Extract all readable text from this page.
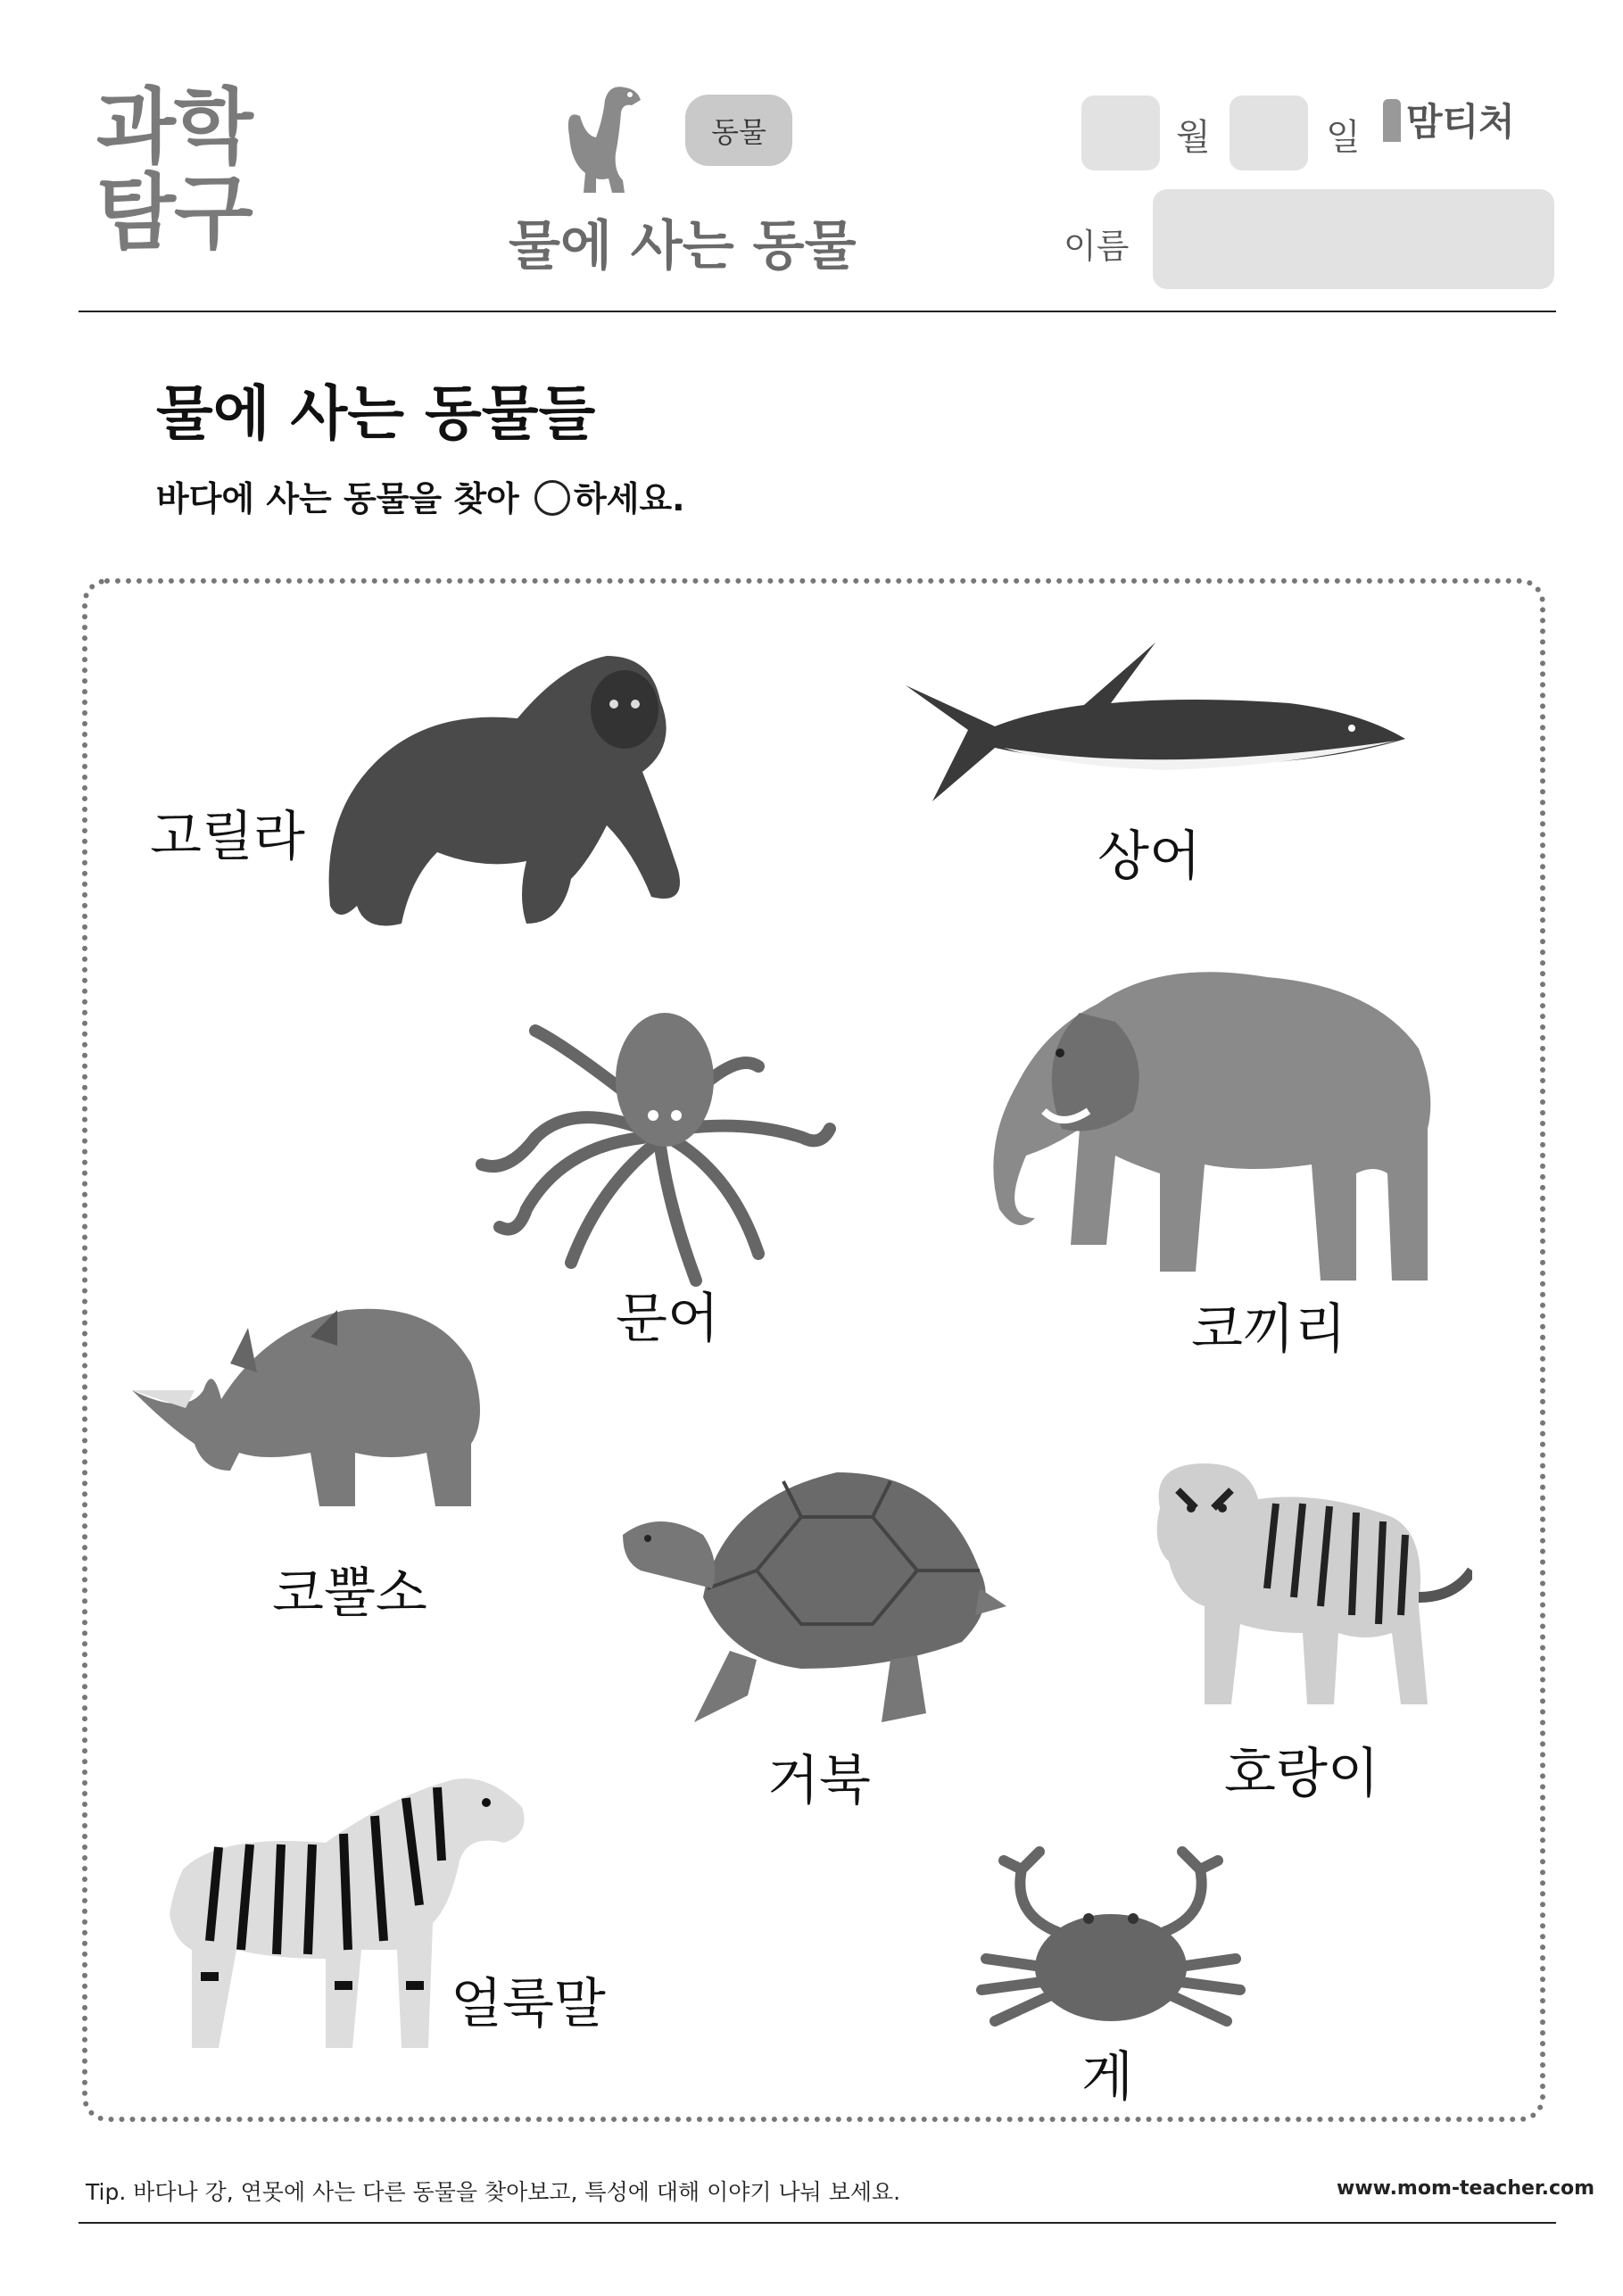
과학
탐구
동물
물에 사는 동물
월	일	맘티처
이름
물에 사는 동물들
바다에 사는 동물을 찾아 하세요.
고릴라	상어
문어	코끼리
코뿔소
거북	호랑이
얼룩말
게
Tip. 바다나 강, 연못에 사는 다른 동물을 찾아보고, 특성에 대해 이야기 나눠 보세요.	www.mom-teacher.com
